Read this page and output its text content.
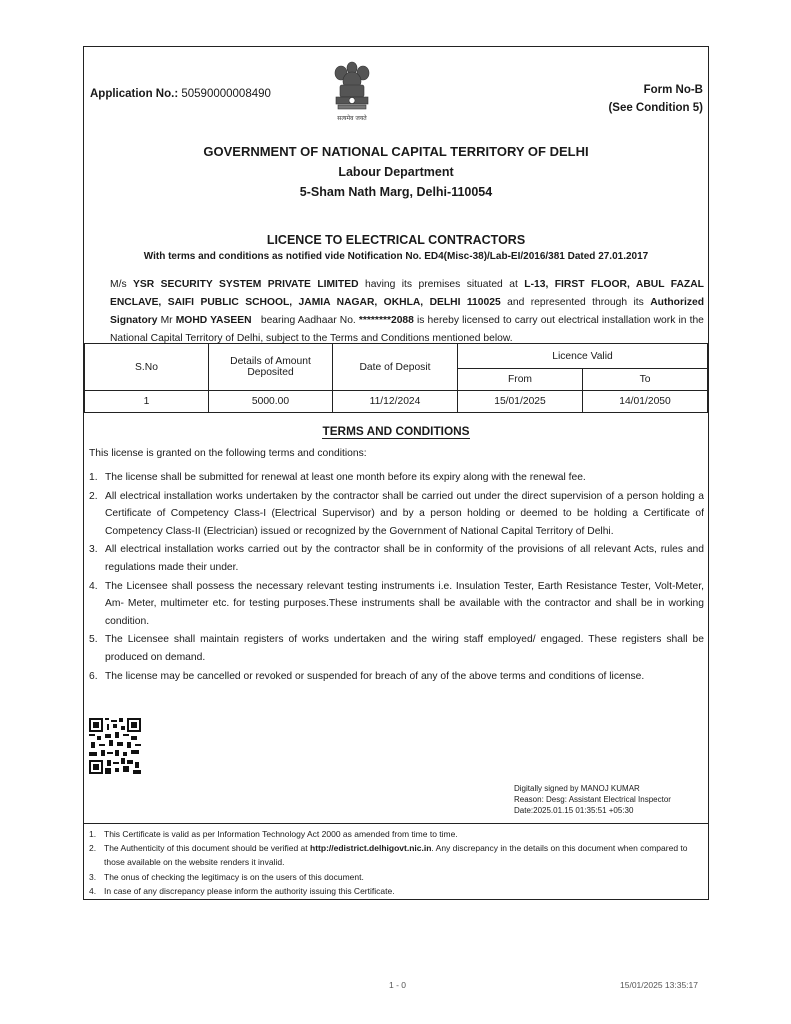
Application No.: 50590000008490
सत्यमेव जयते
Form No-B
(See Condition 5)
GOVERNMENT OF NATIONAL CAPITAL TERRITORY OF DELHI
Labour Department
5-Sham Nath Marg, Delhi-110054
LICENCE TO ELECTRICAL CONTRACTORS
With terms and conditions as notified vide Notification No. ED4(Misc-38)/Lab-EI/2016/381 Dated 27.01.2017

M/s YSR SECURITY SYSTEM PRIVATE LIMITED having its premises situated at L-13, FIRST FLOOR, ABUL FAZAL ENCLAVE, SAIFI PUBLIC SCHOOL, JAMIA NAGAR, OKHLA, DELHI 110025 and represented through its Authorized Signatory Mr MOHD YASEEN bearing Aadhaar No. ********2088 is hereby licensed to carry out electrical installation work in the National Capital Territory of Delhi, subject to the Terms and Conditions mentioned below.

S.No	Details of Amount Deposited	Date of Deposit	Licence Valid	
			From	To
1	5000.00	11/12/2024	15/01/2025	14/01/2050
TERMS AND CONDITIONS
This license is granted on the following terms and conditions:
1. The license shall be submitted for renewal at least one month before its expiry along with the renewal fee.
2. All electrical installation works undertaken by the contractor shall be carried out under the direct supervision of a person holding a Certificate of Competency Class-I (Electrical Supervisor) and by a person holding or deemed to be holding a Certificate of Competency Class-II (Electrician) issued or recognized by the Government of National Capital Territory of Delhi.
3. All electrical installation works carried out by the contractor shall be in conformity of the provisions of all relevant Acts, rules and regulations made their under.
4. The Licensee shall possess the necessary relevant testing instruments i.e. Insulation Tester, Earth Resistance Tester, Volt-Meter, Am- Meter, multimeter etc. for testing purposes.These instruments shall be available with the contractor and shall be in working condition.
5. The Licensee shall maintain registers of works undertaken and the wiring staff employed/ engaged. These registers shall be produced on demand.
6. The license may be cancelled or revoked or suspended for breach of any of the above terms and conditions of license.
Digitally signed by MANOJ KUMAR
Reason: Desg: Assistant Electrical Inspector
Date:2025.01.15 01:35:51 +05:30
1. This Certificate is valid as per Information Technology Act 2000 as amended from time to time.
2. The Authenticity of this document should be verified at http://edistrict.delhigovt.nic.in. Any discrepancy in the details on this document when compared to those available on the website renders it invalid.
3. The onus of checking the legitimacy is on the users of this document.
4. In case of any discrepancy please inform the authority issuing this Certificate.
1 - 0	15/01/2025 13:35:17
